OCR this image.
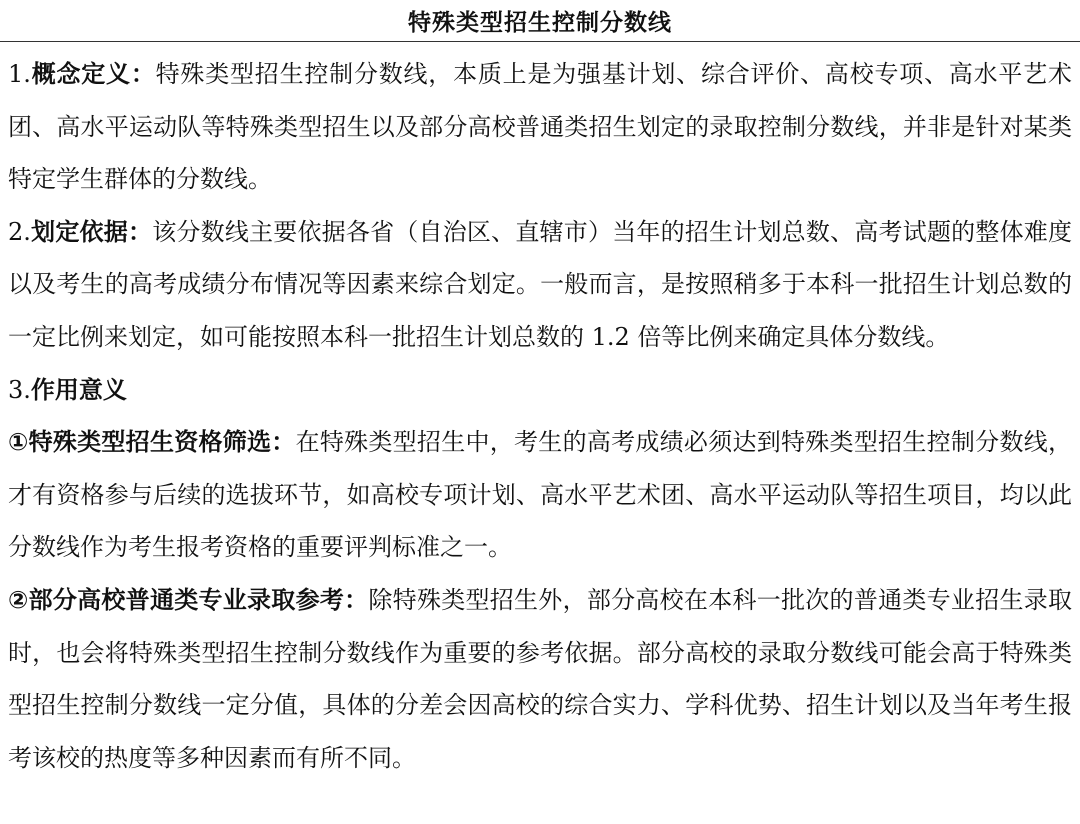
特殊类型招生控制分数线

1.概念定义：特殊类型招生控制分数线，本质上是为强基计划、综合评价、高校专项、高水平艺术团、高水平运动队等特殊类型招生以及部分高校普通类招生划定的录取控制分数线，并非是针对某类特定学生群体的分数线。

2.划定依据：该分数线主要依据各省（自治区、直辖市）当年的招生计划总数、高考试题的整体难度以及考生的高考成绩分布情况等因素来综合划定。一般而言，是按照稍多于本科一批招生计划总数的一定比例来划定，如可能按照本科一批招生计划总数的 1.2 倍等比例来确定具体分数线。

3.作用意义

①特殊类型招生资格筛选：在特殊类型招生中，考生的高考成绩必须达到特殊类型招生控制分数线，才有资格参与后续的选拔环节，如高校专项计划、高水平艺术团、高水平运动队等招生项目，均以此分数线作为考生报考资格的重要评判标准之一。

②部分高校普通类专业录取参考：除特殊类型招生外，部分高校在本科一批次的普通类专业招生录取时，也会将特殊类型招生控制分数线作为重要的参考依据。部分高校的录取分数线可能会高于特殊类型招生控制分数线一定分值，具体的分差会因高校的综合实力、学科优势、招生计划以及当年考生报考该校的热度等多种因素而有所不同。
